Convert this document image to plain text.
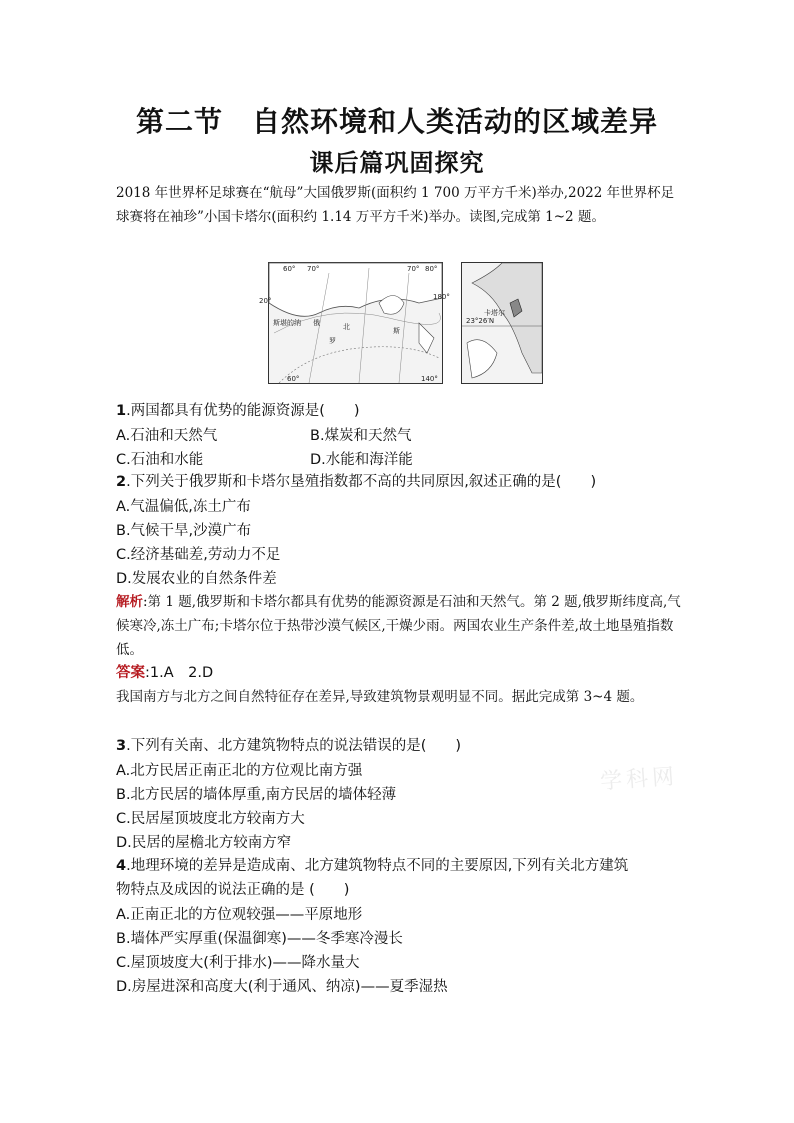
第二节　自然环境和人类活动的区域差异
课后篇巩固探究
2018 年世界杯足球赛在“航母”大国俄罗斯(面积约 1 700 万平方千米)举办,2022 年世界杯足球赛将在袖珍”小国卡塔尔(面积约 1.14 万平方千米)举办。读图,完成第 1~2 题。
60° 70°	70° 80°
20°	180°
斯堪的纳 俄	北
罗
斯
60°	140°
23°26′N
卡塔尔
1.两国都具有优势的能源资源是(　　)
A.石油和天然气	B.煤炭和天然气
C.石油和水能	D.水能和海洋能
2.下列关于俄罗斯和卡塔尔垦殖指数都不高的共同原因,叙述正确的是(　　)
A.气温偏低,冻土广布
B.气候干旱,沙漠广布
C.经济基础差,劳动力不足
D.发展农业的自然条件差
解析:第 1 题,俄罗斯和卡塔尔都具有优势的能源资源是石油和天然气。第 2 题,俄罗斯纬度高,气候寒冷,冻土广布;卡塔尔位于热带沙漠气候区,干燥少雨。两国农业生产条件差,故土地垦殖指数低。
答案:1.A　2.D
我国南方与北方之间自然特征存在差异,导致建筑物景观明显不同。据此完成第 3~4 题。
3.下列有关南、北方建筑物特点的说法错误的是(　　)
A.北方民居正南正北的方位观比南方强
B.北方民居的墙体厚重,南方民居的墙体轻薄
C.民居屋顶坡度北方较南方大
D.民居的屋檐北方较南方窄
学科网
4.地理环境的差异是造成南、北方建筑物特点不同的主要原因,下列有关北方建筑
物特点及成因的说法正确的是 (　　)
A.正南正北的方位观较强——平原地形
B.墙体严实厚重(保温御寒)——冬季寒冷漫长
C.屋顶坡度大(利于排水)——降水量大
D.房屋进深和高度大(利于通风、纳凉)——夏季湿热
